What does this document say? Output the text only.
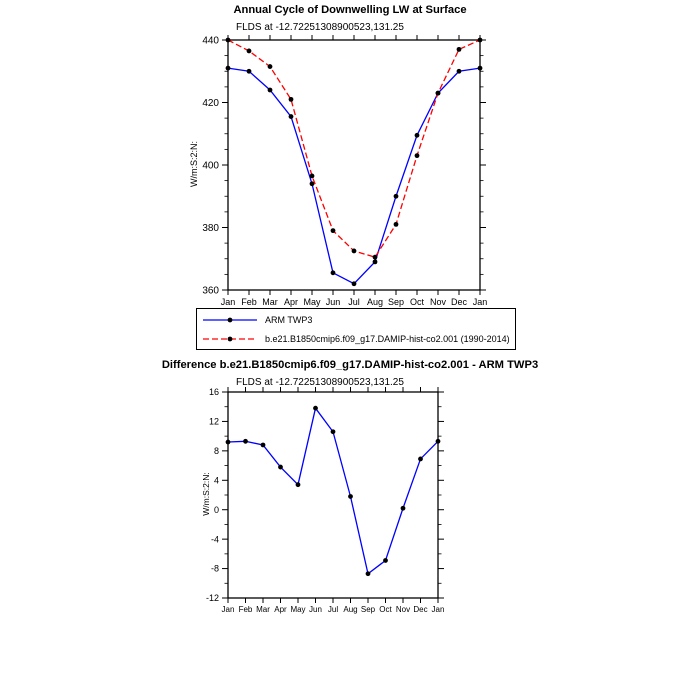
Annual Cycle of Downwelling LW at Surface
FLDS at -12.72251308900523,131.25
W/m:S:2:N:
Difference b.e21.B1850cmip6.f09_g17.DAMIP-hist-co2.001 - ARM TWP3
FLDS at -12.72251308900523,131.25
W/m:S:2:N:
360
380
400
420
440
Jan Feb Mar Apr May Jun Jul Aug Sep Oct Nov Dec Jan
-12
-8
-4
0
4
8
12
16
Jan Feb Mar Apr May Jun Jul Aug Sep Oct Nov Dec Jan
ARM TWP3
b.e21.B1850cmip6.f09_g17.DAMIP-hist-co2.001 (1990-2014)
